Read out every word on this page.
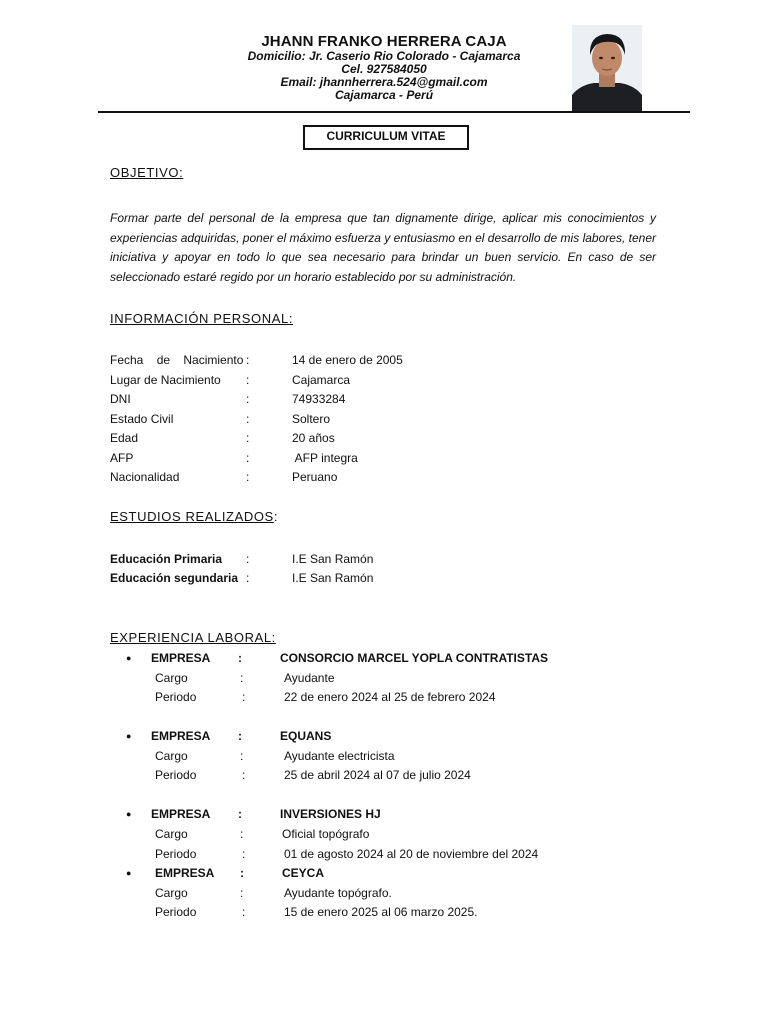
JHANN FRANKO HERRERA CAJA
Domicilio: Jr. Caserio Rio Colorado - Cajamarca
Cel. 927584050
Email: jhannherrera.524@gmail.com
Cajamarca - Perú
CURRICULUM VITAE
OBJETIVO:
Formar parte del personal de la empresa que tan dignamente dirige, aplicar mis conocimientos y experiencias adquiridas, poner el máximo esfuerza y entusiasmo en el desarrollo de mis labores, tener iniciativa y apoyar en todo lo que sea necesario para brindar un buen servicio. En caso de ser seleccionado estaré regido por un horario establecido por su administración.
INFORMACIÓN PERSONAL:
Fecha    de    Nacimiento :	14 de enero de 2005
Lugar de Nacimiento :	Cajamarca
DNI	:	74933284
Estado Civil	:	Soltero
Edad	:	20 años
AFP	:	AFP integra
Nacionalidad	:	Peruano
ESTUDIOS REALIZADOS:
Educación Primaria :	I.E San Ramón
Educación segundaria :	I.E San Ramón
EXPERIENCIA LABORAL:
● EMPRESA :	CONSORCIO MARCEL YOPLA CONTRATISTAS
Cargo	:	Ayudante
Periodo	:	22 de enero 2024 al 25 de febrero 2024
● EMPRESA :	EQUANS
Cargo	:	Ayudante electricista
Periodo	:	25 de abril 2024 al 07 de julio 2024
● EMPRESA :	INVERSIONES HJ
Cargo	:	Oficial topógrafo
Periodo	:	01 de agosto 2024 al 20 de noviembre del 2024
● EMPRESA :	CEYCA
Cargo	:	Ayudante topógrafo.
Periodo	:	15 de enero 2025 al 06 marzo 2025.
